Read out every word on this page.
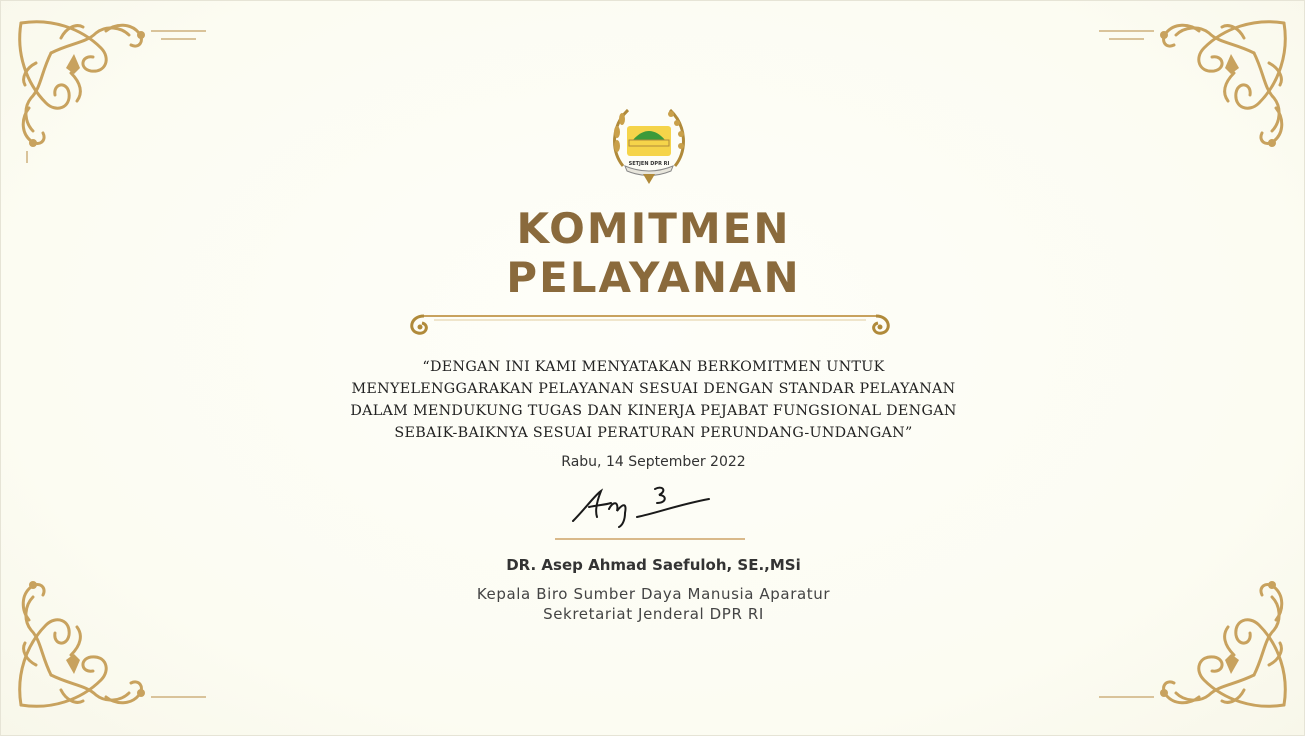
SETJEN DPR RI
KOMITMEN
PELAYANAN
“DENGAN INI KAMI MENYATAKAN BERKOMITMEN UNTUK
MENYELENGGARAKAN PELAYANAN SESUAI DENGAN STANDAR PELAYANAN
DALAM MENDUKUNG TUGAS DAN KINERJA PEJABAT FUNGSIONAL DENGAN
SEBAIK-BAIKNYA SESUAI PERATURAN PERUNDANG-UNDANGAN”
Rabu, 14 September 2022
DR. Asep Ahmad Saefuloh, SE.,MSi
Kepala Biro Sumber Daya Manusia Aparatur
Sekretariat Jenderal DPR RI
